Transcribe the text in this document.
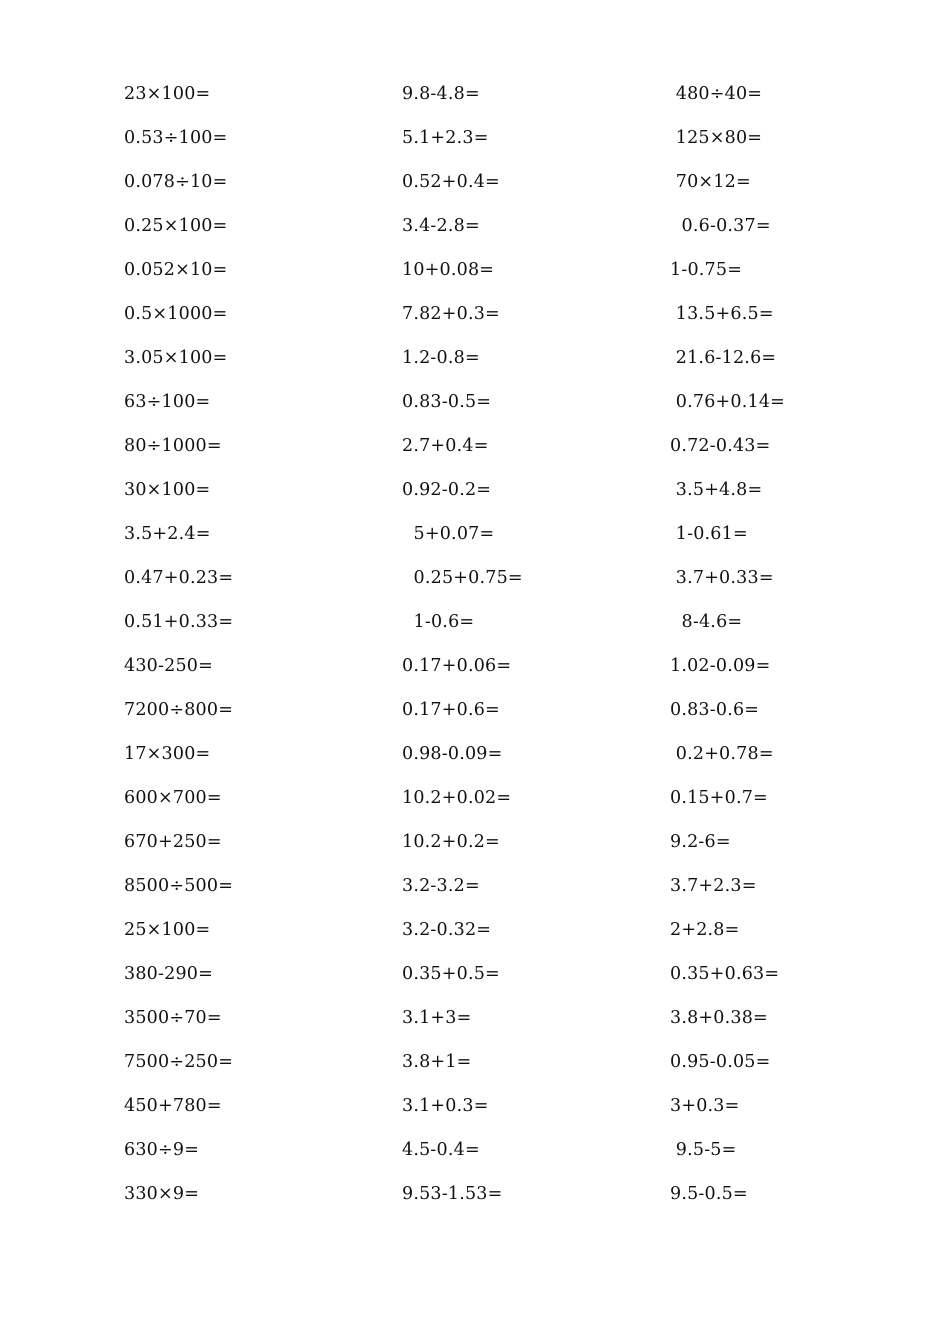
23×100=	9.8-4.8=	480÷40=
0.53÷100=	5.1+2.3=	125×80=
0.078÷10=	0.52+0.4=	70×12=
0.25×100=	3.4-2.8=	0.6-0.37=
0.052×10=	10+0.08=	1-0.75=
0.5×1000=	7.82+0.3=	13.5+6.5=
3.05×100=	1.2-0.8=	21.6-12.6=
63÷100=	0.83-0.5=	0.76+0.14=
80÷1000=	2.7+0.4=	0.72-0.43=
30×100=	0.92-0.2=	3.5+4.8=
3.5+2.4=	5+0.07=	1-0.61=
0.47+0.23=	0.25+0.75=	3.7+0.33=
0.51+0.33=	1-0.6=	8-4.6=
430-250=	0.17+0.06=	1.02-0.09=
7200÷800=	0.17+0.6=	0.83-0.6=
17×300=	0.98-0.09=	0.2+0.78=
600×700=	10.2+0.02=	0.15+0.7=
670+250=	10.2+0.2=	9.2-6=
8500÷500=	3.2-3.2=	3.7+2.3=
25×100=	3.2-0.32=	2+2.8=
380-290=	0.35+0.5=	0.35+0.63=
3500÷70=	3.1+3=	3.8+0.38=
7500÷250=	3.8+1=	0.95-0.05=
450+780=	3.1+0.3=	3+0.3=
630÷9=	4.5-0.4=	9.5-5=
330×9=	9.53-1.53=	9.5-0.5=
